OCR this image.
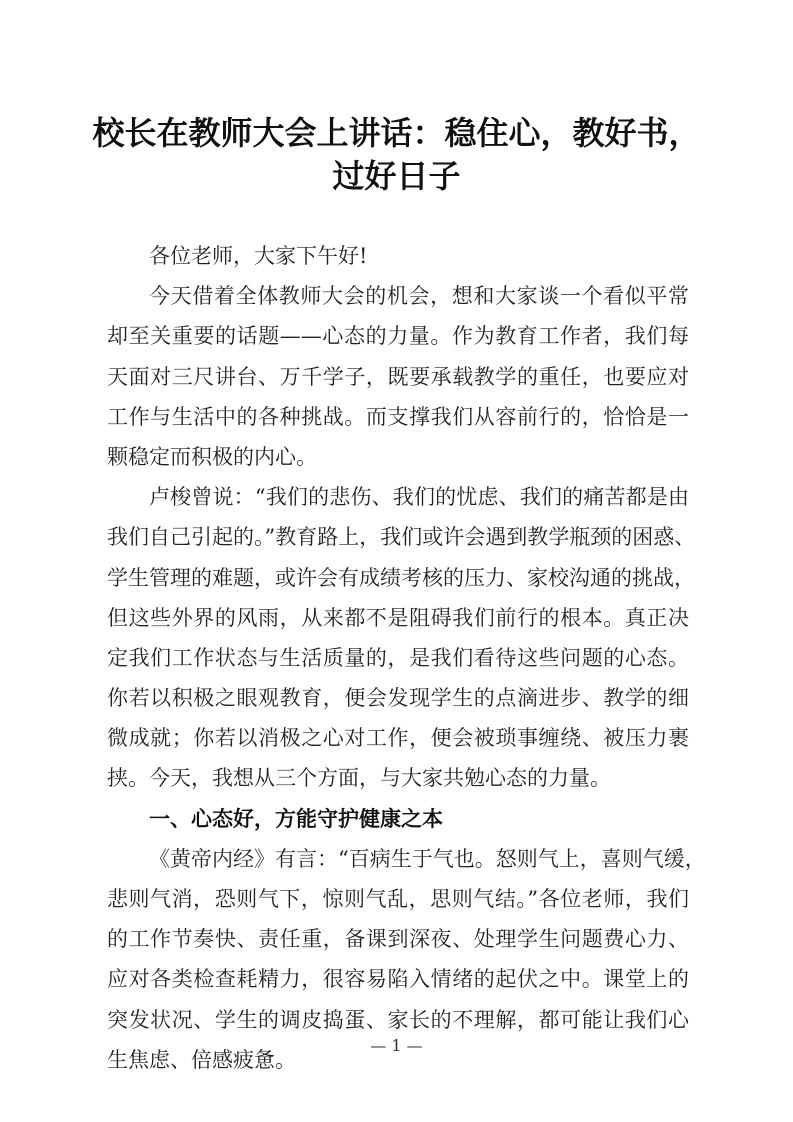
校长在教师大会上讲话：稳住心，教好书，
过好日子
各位老师，大家下午好!
今天借着全体教师大会的机会，想和大家谈一个看似平常
却至关重要的话题——心态的力量。作为教育工作者，我们每
天面对三尺讲台、万千学子，既要承载教学的重任，也要应对
工作与生活中的各种挑战。而支撑我们从容前行的，恰恰是一
颗稳定而积极的内心。
卢梭曾说：“我们的悲伤、我们的忧虑、我们的痛苦都是由
我们自己引起的。”教育路上，我们或许会遇到教学瓶颈的困惑、
学生管理的难题，或许会有成绩考核的压力、家校沟通的挑战，
但这些外界的风雨，从来都不是阻碍我们前行的根本。真正决
定我们工作状态与生活质量的，是我们看待这些问题的心态。
你若以积极之眼观教育，便会发现学生的点滴进步、教学的细
微成就；你若以消极之心对工作，便会被琐事缠绕、被压力裹
挟。今天，我想从三个方面，与大家共勉心态的力量。
一、心态好，方能守护健康之本
《黄帝内经》有言：“百病生于气也。怒则气上，喜则气缓，
悲则气消，恐则气下，惊则气乱，思则气结。”各位老师，我们
的工作节奏快、责任重，备课到深夜、处理学生问题费心力、
应对各类检查耗精力，很容易陷入情绪的起伏之中。课堂上的
突发状况、学生的调皮捣蛋、家长的不理解，都可能让我们心
生焦虑、倍感疲惫。
— 1 —
